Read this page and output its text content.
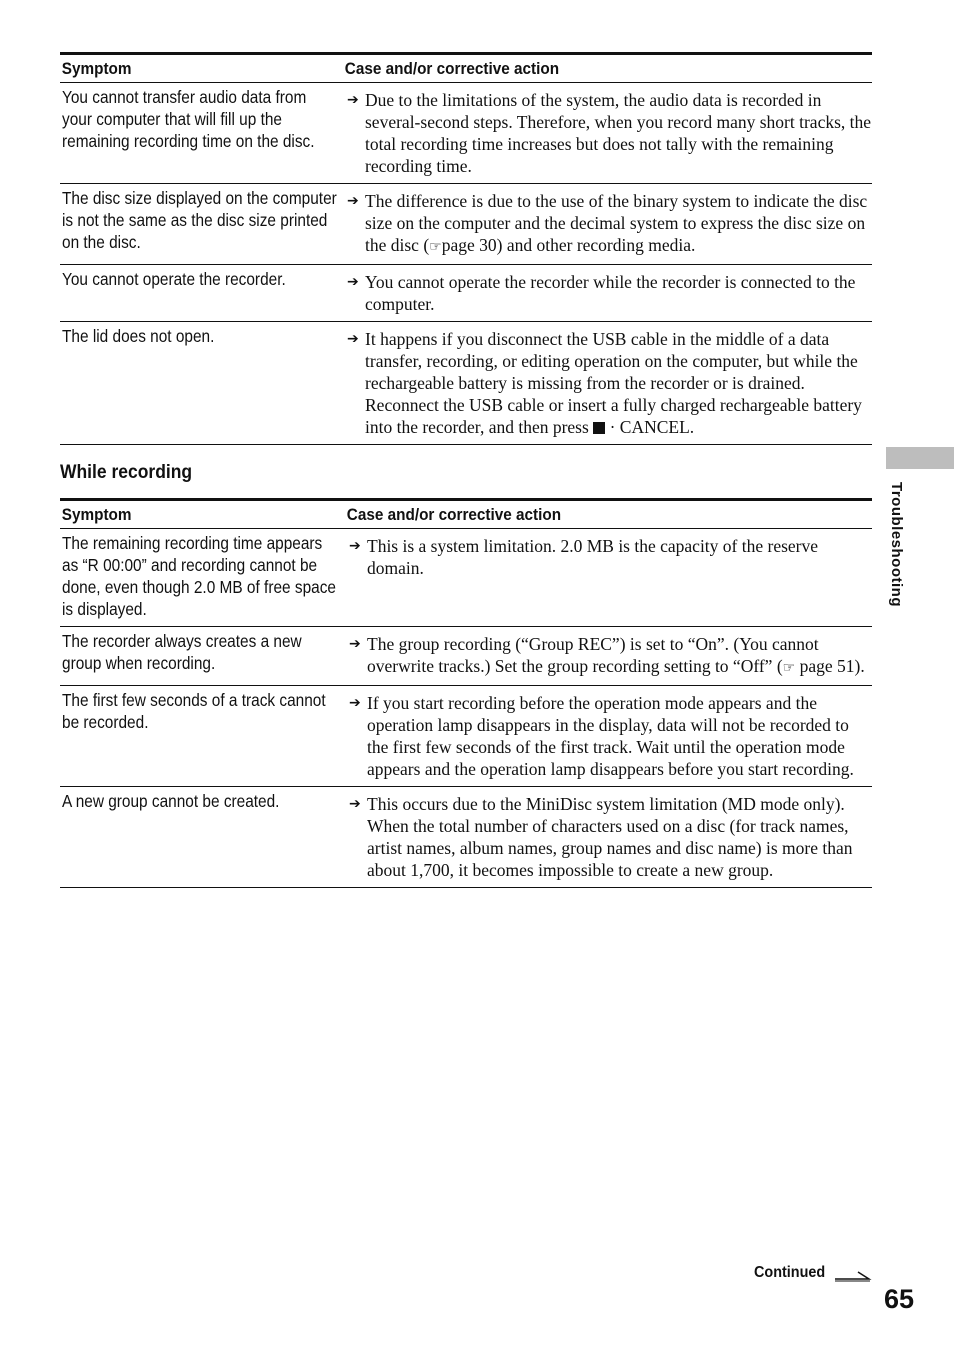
Symptom	Case and/or corrective action
You cannot transfer audio data from your computer that will fill up the remaining recording time on the disc.	➔ Due to the limitations of the system, the audio data is recorded in several-second steps. Therefore, when you record many short tracks, the total recording time increases but does not tally with the remaining recording time.

The disc size displayed on the computer is not the same as the disc size printed on the disc.	➔ The difference is due to the use of the binary system to indicate the disc size on the computer and the decimal system to express the disc size on the disc (☞page 30) and other recording media.

You cannot operate the recorder.	➔ You cannot operate the recorder while the recorder is connected to the computer.

The lid does not open.	➔ It happens if you disconnect the USB cable in the middle of a data transfer, recording, or editing operation on the computer, but while the rechargeable battery is missing from the recorder or is drained. Reconnect the USB cable or insert a fully charged rechargeable battery into the recorder, and then press  · CANCEL.
While recording
Symptom	Case and/or corrective action
The remaining recording time appears as “R 00:00” and recording cannot be done, even though 2.0 MB of free space is displayed.	➔ This is a system limitation. 2.0 MB is the capacity of the reserve domain.

The recorder always creates a new group when recording.	➔ The group recording (“Group REC”) is set to “On”. (You cannot overwrite tracks.) Set the group recording setting to “Off” (☞ page 51).

The first few seconds of a track cannot be recorded.	➔ If you start recording before the operation mode appears and the operation lamp disappears in the display, data will not be recorded to the first few seconds of the first track. Wait until the operation mode appears and the operation lamp disappears before you start recording.

A new group cannot be created.	➔ This occurs due to the MiniDisc system limitation (MD mode only). When the total number of characters used on a disc (for track names, artist names, album names, group names and disc name) is more than about 1,700, it becomes impossible to create a new group.
Troubleshooting
Continued
65
